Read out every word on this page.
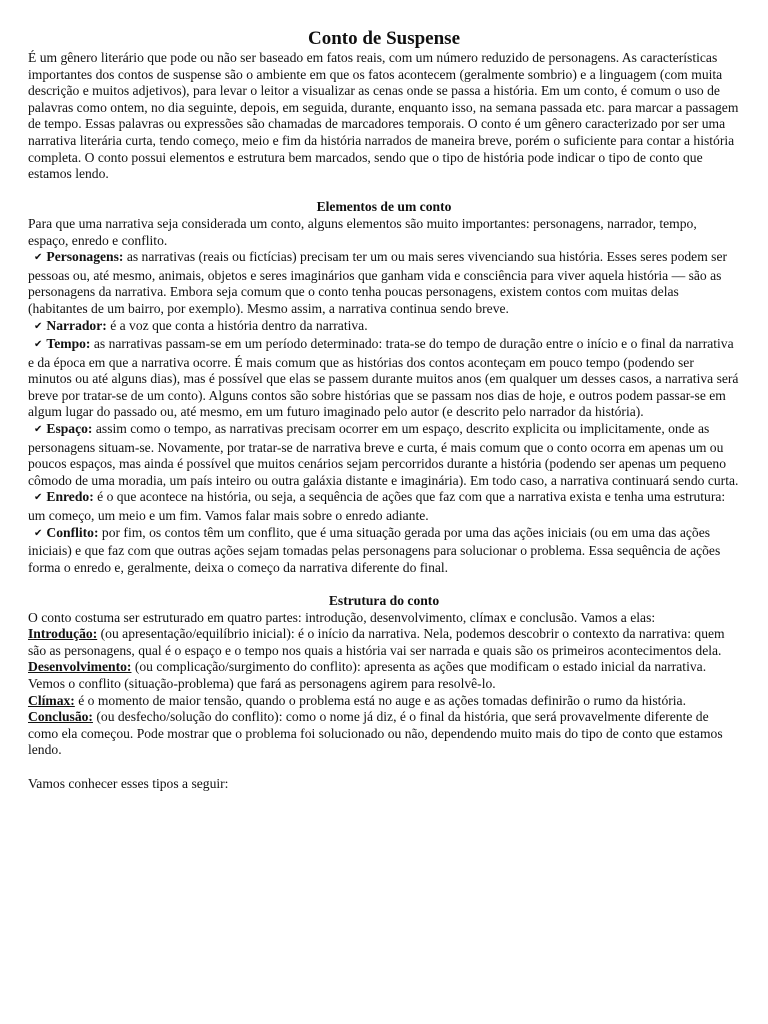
Conto de Suspense

É um gênero literário que pode ou não ser baseado em fatos reais, com um número reduzido de personagens. As características importantes dos contos de suspense são o ambiente em que os fatos acontecem (geralmente sombrio) e a linguagem (com muita descrição e muitos adjetivos), para levar o leitor a visualizar as cenas onde se passa a história. Em um conto, é comum o uso de palavras como ontem, no dia seguinte, depois, em seguida, durante, enquanto isso, na semana passada etc. para marcar a passagem de tempo. Essas palavras ou expressões são chamadas de marcadores temporais. O conto é um gênero caracterizado por ser uma narrativa literária curta, tendo começo, meio e fim da história narrados de maneira breve, porém o suficiente para contar a história completa. O conto possui elementos e estrutura bem marcados, sendo que o tipo de história pode indicar o tipo de conto que estamos lendo.

Elementos de um conto

Para que uma narrativa seja considerada um conto, alguns elementos são muito importantes: personagens, narrador, tempo, espaço, enredo e conflito.

✔ Personagens: as narrativas (reais ou fictícias) precisam ter um ou mais seres vivenciando sua história. Esses seres podem ser pessoas ou, até mesmo, animais, objetos e seres imaginários que ganham vida e consciência para viver aquela história — são as personagens da narrativa. Embora seja comum que o conto tenha poucas personagens, existem contos com muitas delas (habitantes de um bairro, por exemplo). Mesmo assim, a narrativa continua sendo breve.

✔ Narrador: é a voz que conta a história dentro da narrativa.

✔ Tempo: as narrativas passam-se em um período determinado: trata-se do tempo de duração entre o início e o final da narrativa e da época em que a narrativa ocorre. É mais comum que as histórias dos contos aconteçam em pouco tempo (podendo ser minutos ou até alguns dias), mas é possível que elas se passem durante muitos anos (em qualquer um desses casos, a narrativa será breve por tratar-se de um conto). Alguns contos são sobre histórias que se passam nos dias de hoje, e outros podem passar-se em algum lugar do passado ou, até mesmo, em um futuro imaginado pelo autor (e descrito pelo narrador da história).

✔ Espaço: assim como o tempo, as narrativas precisam ocorrer em um espaço, descrito explicita ou implicitamente, onde as personagens situam-se. Novamente, por tratar-se de narrativa breve e curta, é mais comum que o conto ocorra em apenas um ou poucos espaços, mas ainda é possível que muitos cenários sejam percorridos durante a história (podendo ser apenas um pequeno cômodo de uma moradia, um país inteiro ou outra galáxia distante e imaginária). Em todo caso, a narrativa continuará sendo curta.

✔ Enredo: é o que acontece na história, ou seja, a sequência de ações que faz com que a narrativa exista e tenha uma estrutura: um começo, um meio e um fim. Vamos falar mais sobre o enredo adiante.

✔ Conflito: por fim, os contos têm um conflito, que é uma situação gerada por uma das ações iniciais (ou em uma das ações iniciais) e que faz com que outras ações sejam tomadas pelas personagens para solucionar o problema. Essa sequência de ações forma o enredo e, geralmente, deixa o começo da narrativa diferente do final.

Estrutura do conto

O conto costuma ser estruturado em quatro partes: introdução, desenvolvimento, clímax e conclusão. Vamos a elas:

Introdução: (ou apresentação/equilíbrio inicial): é o início da narrativa. Nela, podemos descobrir o contexto da narrativa: quem são as personagens, qual é o espaço e o tempo nos quais a história vai ser narrada e quais são os primeiros acontecimentos dela.

Desenvolvimento: (ou complicação/surgimento do conflito): apresenta as ações que modificam o estado inicial da narrativa. Vemos o conflito (situação-problema) que fará as personagens agirem para resolvê-lo.

Clímax: é o momento de maior tensão, quando o problema está no auge e as ações tomadas definirão o rumo da história.

Conclusão: (ou desfecho/solução do conflito): como o nome já diz, é o final da história, que será provavelmente diferente de como ela começou. Pode mostrar que o problema foi solucionado ou não, dependendo muito mais do tipo de conto que estamos lendo.

Vamos conhecer esses tipos a seguir:
